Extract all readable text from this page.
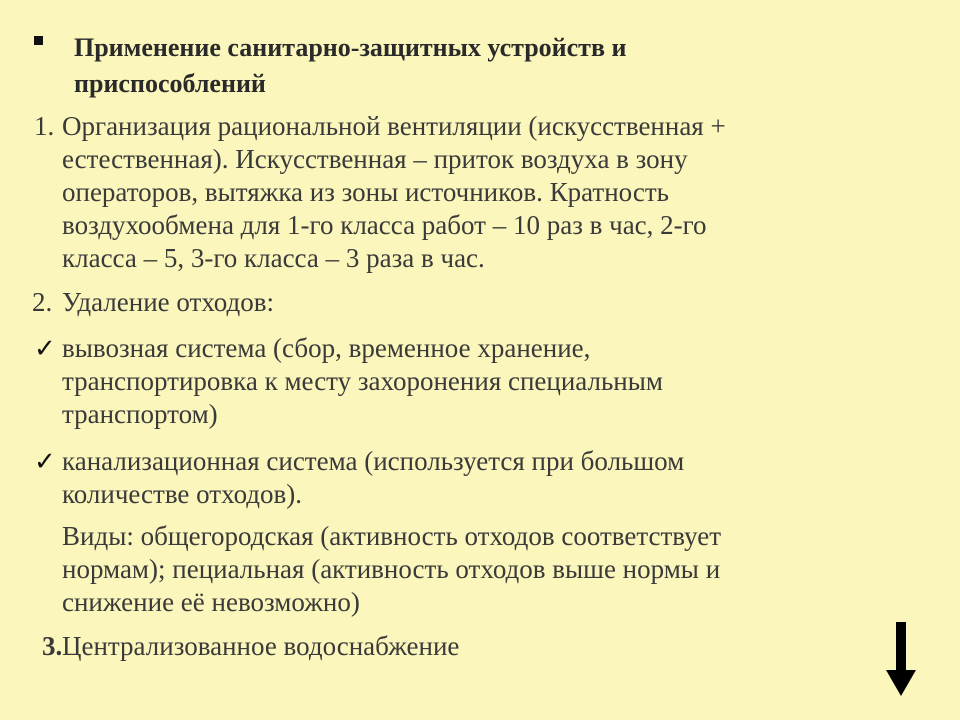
Применение санитарно-защитных устройств и
приспособлений
1. Организация рациональной вентиляции (искусственная +
естественная). Искусственная – приток воздуха в зону
операторов, вытяжка из зоны источников. Кратность
воздухообмена для 1-го класса работ – 10 раз в час, 2-го
класса – 5, 3-го класса – 3 раза в час.
2. Удаление отходов:
✓ вывозная система (сбор, временное хранение,
транспортировка к месту захоронения специальным
транспортом)
✓ канализационная система (используется при большом
количестве отходов).
Виды: общегородская (активность отходов соответствует
нормам); пециальная (активность отходов выше нормы и
снижение её невозможно)
3. Централизованное водоснабжение
